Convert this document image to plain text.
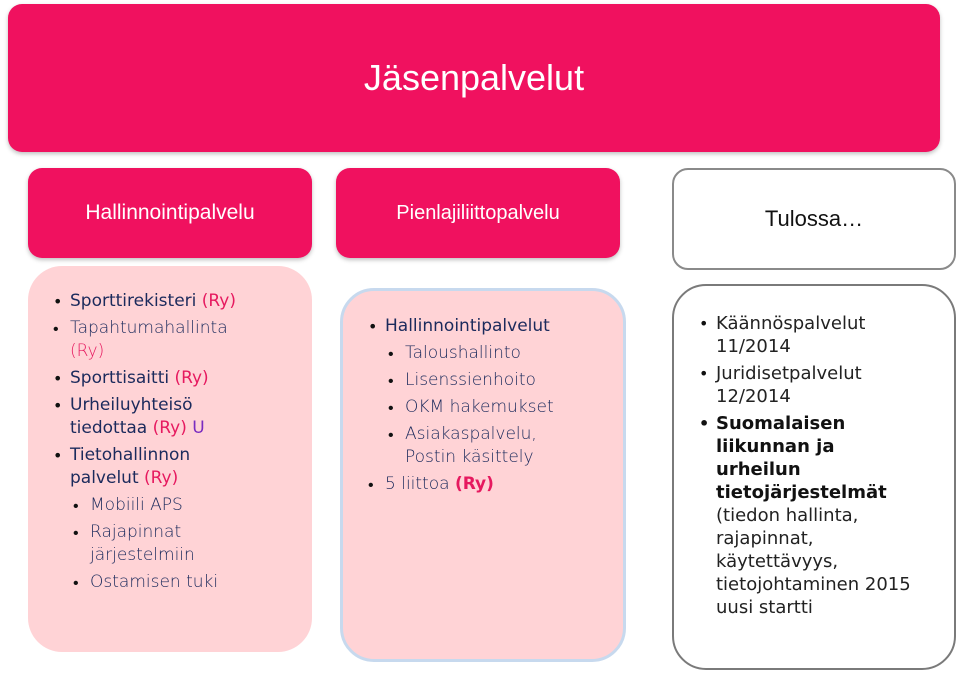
Jäsenpalvelut
Hallinnointipalvelu	Pienlajiliittopalvelu	Tulossa…
• Sporttirekisteri (Ry)
• Tapahtumahallinta
(Ry)
• Sporttisaitti (Ry)
• Urheiluyhteisö tiedottaa (Ry) U
• Tietohallinnon palvelut (Ry)
• Mobiili APS
• Rajapinnat järjestelmiin
• Ostamisen tuki
• Hallinnointipalvelut
• Taloushallinto
• Lisenssienhoito
• OKM hakemukset
• Asiakaspalvelu, Postin käsittely
• 5 liittoa (Ry)
• Käännöspalvelut 11/2014
• Juridisetpalvelut 12/2014
• Suomalaisen liikunnan ja urheilun tietojärjestelmät
(tiedon hallinta, rajapinnat, käytettävyys, tietojohtaminen 2015 uusi startti
